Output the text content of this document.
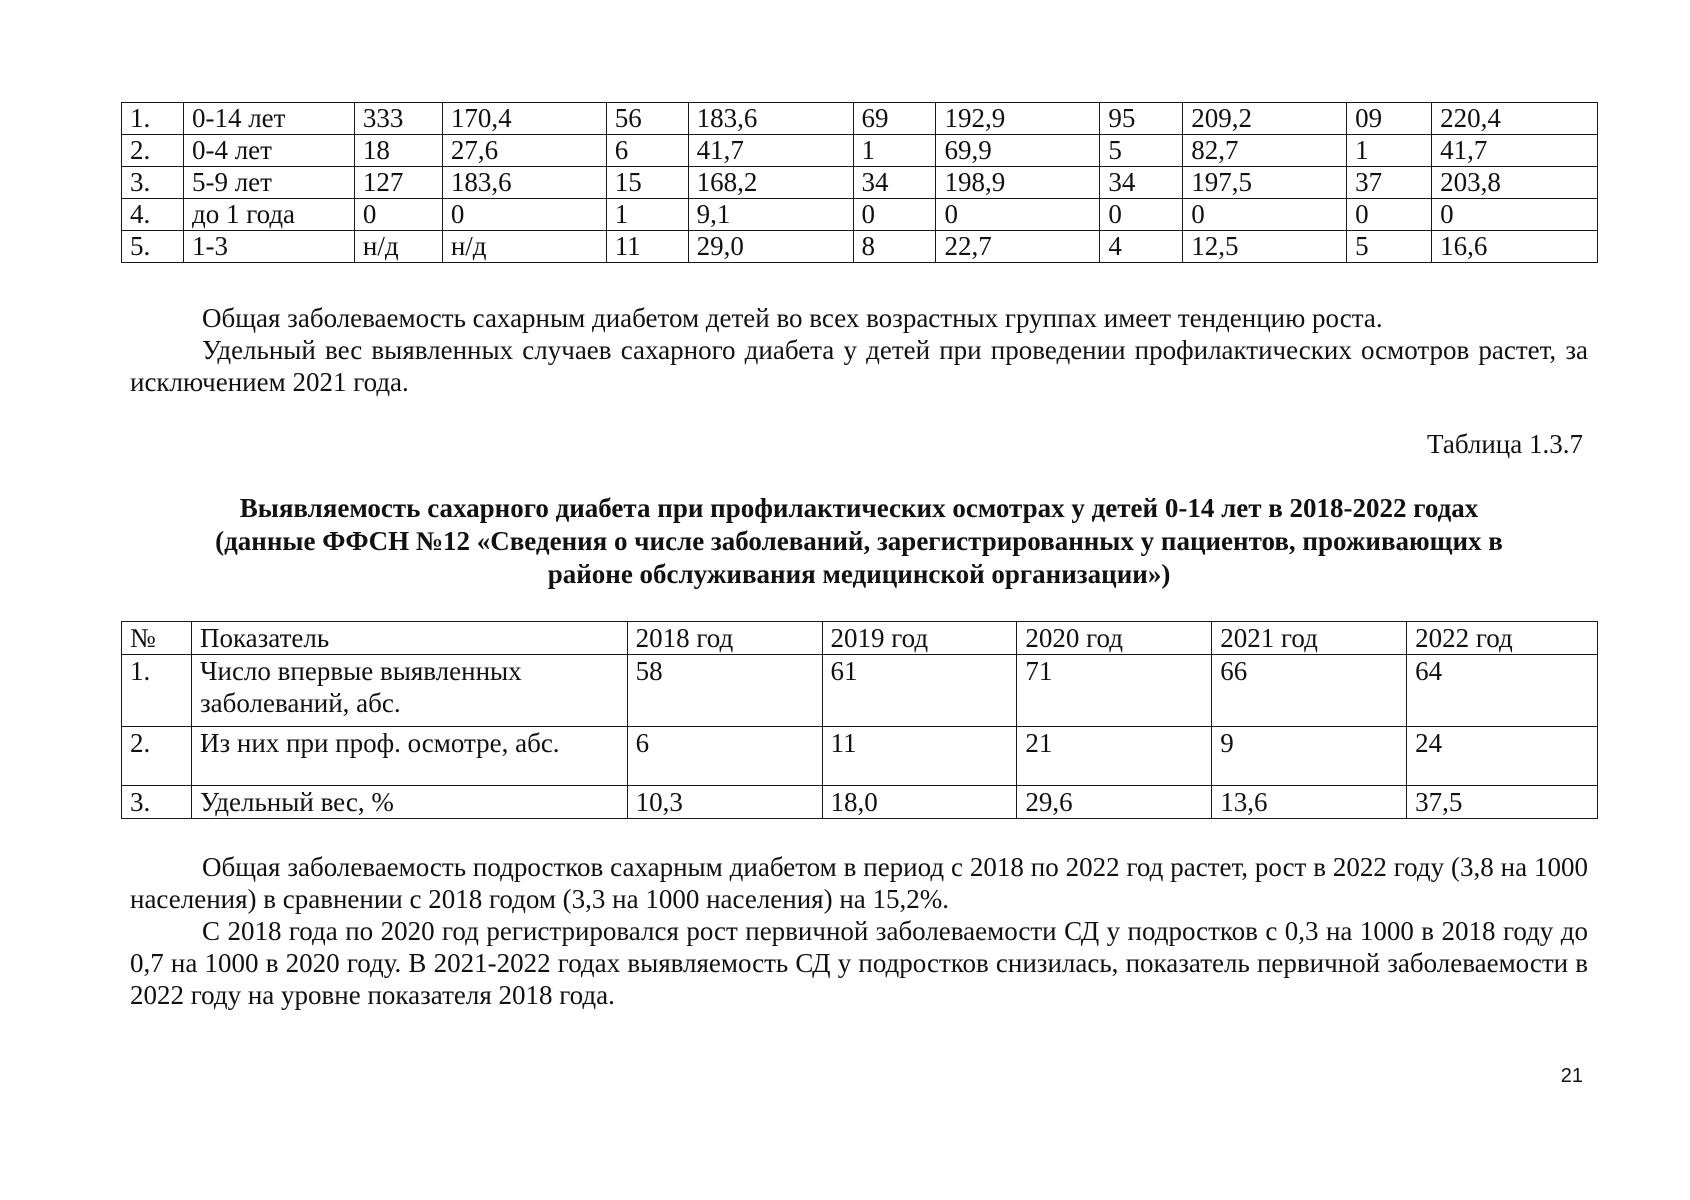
1.	0-14 лет	333	170,4	56	183,6	69	192,9	95	209,2	09	220,4
2.	0-4 лет	18	27,6	6	41,7	1	69,9	5	82,7	1	41,7
3.	5-9 лет	127	183,6	15	168,2	34	198,9	34	197,5	37	203,8
4.	до 1 года	0	0	1	9,1	0	0	0	0	0	0
5.	1-3	н/д	н/д	11	29,0	8	22,7	4	12,5	5	16,6

Общая заболеваемость сахарным диабетом детей во всех возрастных группах имеет тенденцию роста.

Удельный вес выявленных случаев сахарного диабета у детей при проведении профилактических осмотров растет, за исключением 2021 года.

Таблица 1.3.7

Выявляемость сахарного диабета при профилактических осмотрах у детей 0-14 лет в 2018-2022 годах
(данные ФФСН №12 «Сведения о числе заболеваний, зарегистрированных у пациентов, проживающих в
районе обслуживания медицинской организации»)
№	Показатель	2018 год	2019 год	2020 год	2021 год	2022 год
1.	Число впервые выявленных заболеваний, абс.	58	61	71	66	64
2.	Из них при проф. осмотре, абс.	6	11	21	9	24
3.	Удельный вес, %	10,3	18,0	29,6	13,6	37,5

Общая заболеваемость подростков сахарным диабетом в период с 2018 по 2022 год растет, рост в 2022 году (3,8 на 1000 населения) в сравнении с 2018 годом (3,3 на 1000 населения) на 15,2%.

С 2018 года по 2020 год регистрировался рост первичной заболеваемости СД у подростков с 0,3 на 1000 в 2018 году до 0,7 на 1000 в 2020 году. В 2021-2022 годах выявляемость СД у подростков снизилась, показатель первичной заболеваемости в 2022 году на уровне показателя 2018 года.

21
